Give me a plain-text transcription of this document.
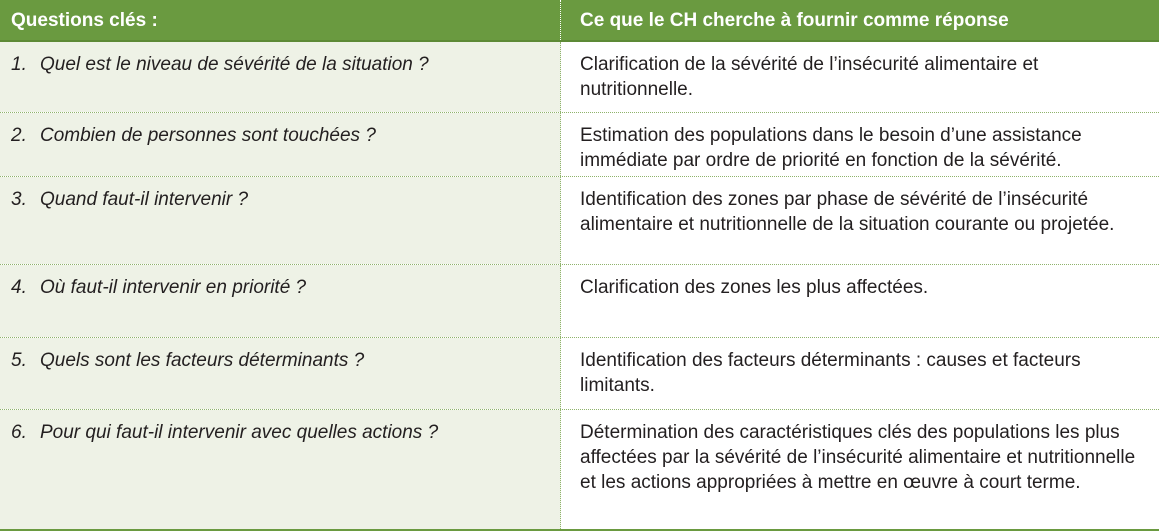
Questions clés :	Ce que le CH cherche à fournir comme réponse
1. Quel est le niveau de sévérité de la situation ?	Clarification de la sévérité de l’insécurité alimentaire et nutritionnelle.
2. Combien de personnes sont touchées ?	Estimation des populations dans le besoin d’une assistance immédiate par ordre de priorité en fonction de la sévérité.
3. Quand faut-il intervenir ?	Identification des zones par phase de sévérité de l’insécurité alimentaire et nutritionnelle de la situation courante ou projetée.
4. Où faut-il intervenir en priorité ?	Clarification des zones les plus affectées.
5. Quels sont les facteurs déterminants ?	Identification des facteurs déterminants : causes et facteurs limitants.
6. Pour qui faut-il intervenir avec quelles actions ?	Détermination des caractéristiques clés des populations les plus affectées par la sévérité de l’insécurité alimentaire et nutritionnelle et les actions appropriées à mettre en œuvre à court terme.
